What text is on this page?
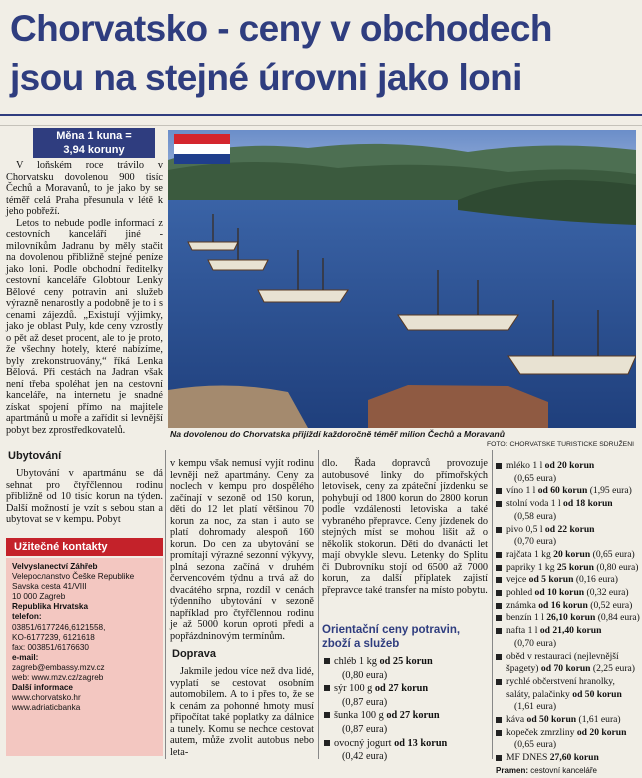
Chorvatsko - ceny v obchodech
jsou na stejné úrovni jako loni
Měna 1 kuna =
3,94 koruny

V loňském roce trávilo v Chorvatsku dovolenou 900 tisíc Čechů a Moravanů, to je jako by se téměř celá Praha přesunula v létě k jeho pobřeží.

Letos to nebude podle informací z cestovních kanceláří jiné - milovníkům Jadranu by měly stačit na dovolenou přibližně stejné peníze jako loni. Podle obchodní ředitelky cestovní kanceláře Globtour Lenky Bělové ceny potravin ani služeb výrazně nenarostly a podobně je to i s cenami zájezdů. „Existují výjimky, jako je oblast Puly, kde ceny vzrostly o pět až deset procent, ale to je proto, že všechny hotely, které nabízíme, byly zrekonstruovány,“ říká Lenka Bělová. Při cestách na Jadran však není třeba spoléhat jen na cestovní kanceláře, na internetu je snadné získat spojení přímo na majitele apartmánů u moře a zařídit si levnější pobyt bez zprostředkovatelů.	Na dovolenou do Chorvatska přijíždí každoročně téměř milion Čechů a Moravanů
FOTO: CHORVATSKE TURISTICKE SDRUŽENI
Ubytování

Ubytování v apartmánu se dá sehnat pro čtyřčlennou rodinu přibližně od 10 tisíc korun na týden. Další možností je vzít s sebou stan a ubytovat se v kempu. Pobyt

Užitečné kontakty
Velvyslanectví Záhřeb
Velepослanstvo Češke Republike
Savska cesta 41/VIII
10 000 Zagreb
Republika Hrvatska
telefon:
03851/6177246,6121558,
KO-6177239, 6121618
fax: 003851/6176630
e-mail:
zagreb@embassy.mzv.cz
web: www.mzv.cz/zagreb
Další informace
www.chorvatsko.hr
www.adriaticbanka

v kempu však nemusí vyjít rodinu levněji než apartmány. Ceny za noclech v kempu pro dospělého začínají v sezoně od 150 korun, děti do 12 let platí většinou 70 korun za noc, za stan i auto se platí dohromady alespoň 160 korun. Do cen za ubytování se promítají výrazné sezonní výkyvy, plná sezona začíná v druhém červencovém týdnu a trvá až do dvacátého srpna, rozdíl v cenách týdenního ubytování v sezoně například pro čtyřčlennou rodinu je až 5000 korun oproti předi a popřázdninovým termínům.

Doprava

Jakmile jedou více než dva lidé, vyplatí se cestovat osobním automobilem. A to i přes to, že se k cenám za pohonné hmoty musí připočítat také poplatky za dálnice a tunely. Komu se nechce cestovat autem, může zvolit autobus nebo leta-

dlo. Řada dopravců provozuje autobusové linky do přímořských letovisek, ceny za zpáteční jízdenku se pohybují od 1800 korun do 2800 korun podle vzdálenosti letoviska a také vybraného přepravce. Ceny jízdenek do stejných míst se mohou lišit až o několik stokorun. Děti do dvanácti let mají obvykle slevu. Letenky do Splitu či Dubrovníku stojí od 6500 až 7000 korun, za další příplatek zajistí přepravce také transfer na místo pobytu.

Orientační ceny potravin, zboží a služeb
chléb 1 kg od 25 korun
(0,80 eura)
sýr 100 g od 27 korun
(0,87 eura)
šunka 100 g od 27 korun
(0,87 eura)
ovocný jogurt od 13 korun
(0,42 eura)
mléko 1 l od 20 korun
(0,65 eura)
víno 1 l od 60 korun (1,95 eura)
stolní voda 1 l od 18 korun
(0,58 eura)
pivo 0,5 l od 22 korun
(0,70 eura)
rajčata 1 kg 20 korun (0,65 eura)
papriky 1 kg 25 korun (0,80 eura)
vejce od 5 korun (0,16 eura)
pohled od 10 korun (0,32 eura)
známka od 16 korun (0,52 eura)
benzín 1 l 26,10 korun (0,84 eura)
nafta 1 l od 21,40 korun
(0,70 eura)
oběd v restauraci (nejlevnější špagety) od 70 korun (2,25 eura)
rychlé občerstvení hranolky, saláty, palačinky od 50 korun
(1,61 eura)
káva od 50 korun (1,61 eura)
kopeček zmrzliny od 20 korun
(0,65 eura)
MF DNES 27,60 korun
Pramen: cestovní kanceláře
